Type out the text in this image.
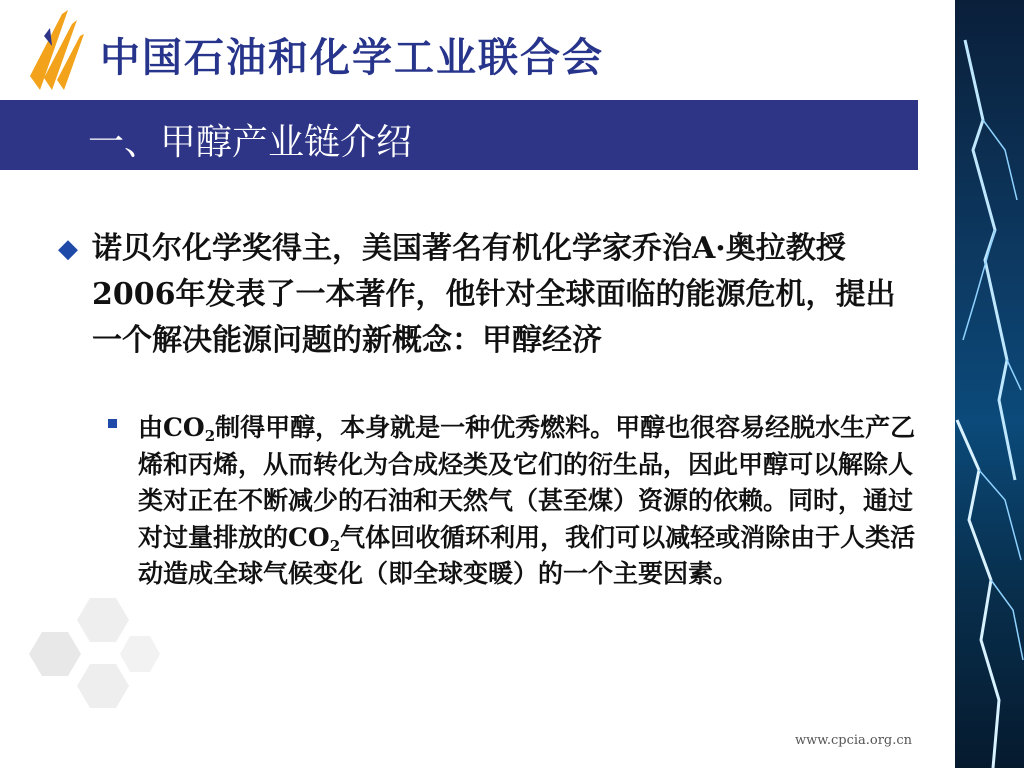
中国石油和化学工业联合会
一、甲醇产业链介绍
◆ 诺贝尔化学奖得主，美国著名有机化学家乔治A·奥拉教授2006年发表了一本著作，他针对全球面临的能源危机，提出一个解决能源问题的新概念：甲醇经济
由$CO_2$制得甲醇，本身就是一种优秀燃料。甲醇也很容易经脱水生产乙烯和丙烯，从而转化为合成烃类及它们的衍生品，因此甲醇可以解除人类对正在不断减少的石油和天然气（甚至煤）资源的依赖。同时，通过对过量排放的$CO_2$气体回收循环利用，我们可以减轻或消除由于人类活动造成全球气候变化（即全球变暖）的一个主要因素。
www.cpcia.org.cn
